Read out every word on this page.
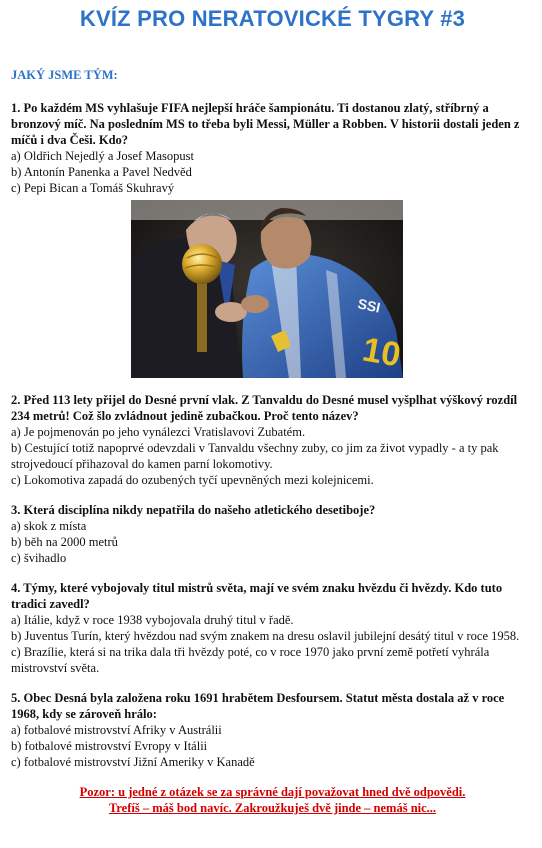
KVÍZ PRO NERATOVICKÉ TYGRY #3
JAKÝ JSME TÝM:
1. Po každém MS vyhlašuje FIFA nejlepší hráče šampionátu. Ti dostanou zlatý, stříbrný a bronzový míč. Na posledním MS to třeba byli Messi, Müller a Robben. V historii dostali jeden z míčů i dva Češi. Kdo?
a) Oldřich Nejedlý a Josef Masopust
b) Antonín Panenka a Pavel Nedvěd
c) Pepi Bican a Tomáš Skuhravý
SSI
10
2. Před 113 lety přijel do Desné první vlak. Z Tanvaldu do Desné musel vyšplhat výškový rozdíl 234 metrů! Což šlo zvládnout jedině zubačkou. Proč tento název?
a) Je pojmenován po jeho vynálezci Vratislavovi Zubatém.
b) Cestující totiž napoprvé odevzdali v Tanvaldu všechny zuby, co jim za život vypadly - a ty pak strojvedoucí přihazoval do kamen parní lokomotivy.
c) Lokomotiva zapadá do ozubených tyčí upevněných mezi kolejnicemi.
3. Která disciplína nikdy nepatřila do našeho atletického desetiboje?
a) skok z místa
b) běh na 2000 metrů
c) švihadlo
4. Týmy, které vybojovaly titul mistrů světa, mají ve svém znaku hvězdu či hvězdy. Kdo tuto tradici zavedl?
a) Itálie, když v roce 1938 vybojovala druhý titul v řadě.
b) Juventus Turín, který hvězdou nad svým znakem na dresu oslavil jubilejní desátý titul v roce 1958.
c) Brazílie, která si na trika dala tři hvězdy poté, co v roce 1970 jako první země potřetí vyhrála mistrovství světa.
5. Obec Desná byla založena roku 1691 hrabětem Desfoursem. Statut města dostala až v roce 1968, kdy se zároveň hrálo:
a) fotbalové mistrovství Afriky v Austrálii
b) fotbalové mistrovství Evropy v Itálii
c) fotbalové mistrovství Jižní Ameriky v Kanadě
Pozor: u jedné z otázek se za správné dají považovat hned dvě odpovědi.
Trefíš – máš bod navíc. Zakroužkuješ dvě jinde – nemáš nic...
